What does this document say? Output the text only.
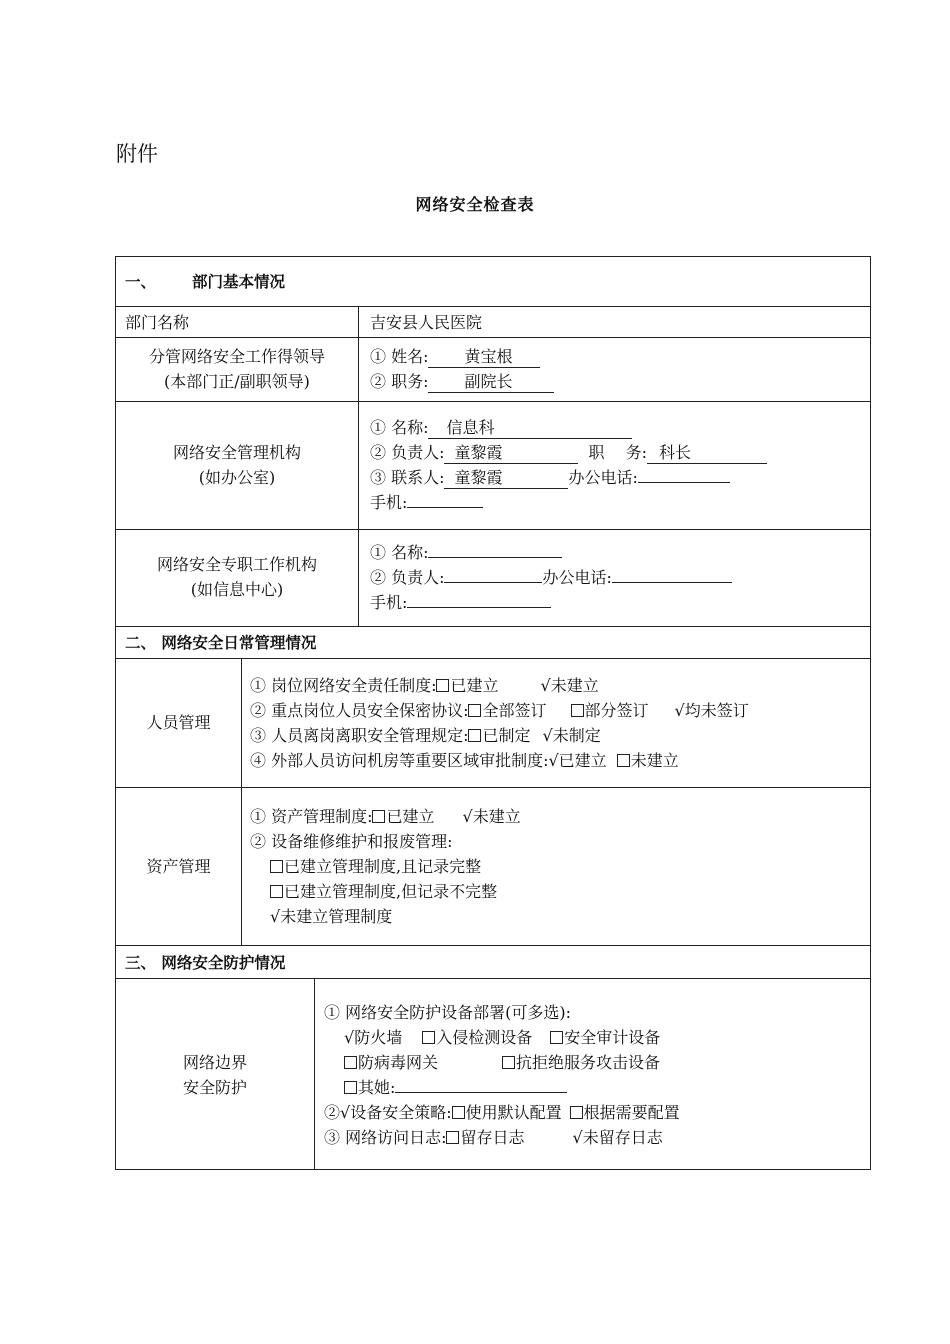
附件
网络安全检查表
一、 部门基本情况
部门名称	吉安县人民医院
分管网络安全工作得领导
(本部门正/副职领导)
① 姓名: 黄宝根
② 职务: 副院长
网络安全管理机构
(如办公室)
① 名称: 信息科
② 负责人: 童黎霞	职　 务: 科长
③ 联系人: 童黎霞	办公电话:
手机:
网络安全专职工作机构
(如信息中心)
① 名称:
② 负责人:	办公电话:
手机:
二、 网络安全日常管理情况
人员管理
① 岗位网络安全责任制度: 已建立	√未建立
② 重点岗位人员安全保密协议: 全部签订 部分签订 √均未签订
③ 人员离岗离职安全管理规定: 已制定 √未制定
④ 外部人员访问机房等重要区域审批制度:√已建立 未建立
资产管理
① 资产管理制度: 已建立 √未建立
② 设备维修维护和报废管理:
已建立管理制度,且记录完整
已建立管理制度,但记录不完整
√未建立管理制度
三、 网络安全防护情况
网络边界
安全防护
① 网络安全防护设备部署(可多选):
√防火墙 入侵检测设备 安全审计设备
防病毒网关	抗拒绝服务攻击设备
其她:
②√设备安全策略: 使用默认配置 根据需要配置
③ 网络访问日志: 留存日志	√未留存日志
